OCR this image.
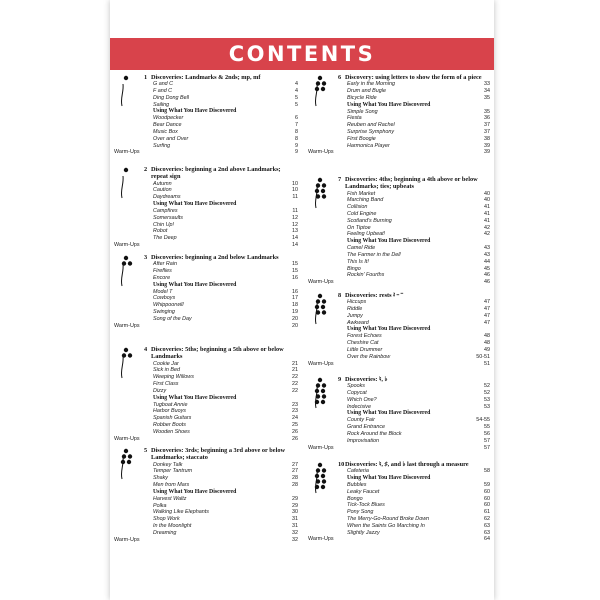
CONTENTS
1 Discoveries: Landmarks & 2nds; mp, mf
G and C	4
F and C	4
Ding Dong Bell	5
Sailing	5
Using What You Have Discovered
Woodpecker	6
Bear Dance	7
Music Box	8
Over and Over	8
Surfing	9
Warm-Ups	9
2 Discoveries: beginning a 2nd above Landmarks; repeat sign
Autumn	10
Caution	10
Daydreams	11
Using What You Have Discovered
Campfires	11
Somersaults	12
Chin Up!	12
Robot	13
The Deep	14
Warm-Ups	14
3 Discoveries: beginning a 2nd below Landmarks
After Rain	15
Fireflies	15
Encore	16
Using What You Have Discovered
Model T	16
Cowboys	17
Whippoorwill	18
Swinging	19
Song of the Day	20
Warm-Ups	20
4 Discoveries: 5ths; beginning a 5th above or below Landmarks
Cookie Jar	21
Sick in Bed	21
Weeping Willows	22
First Class	22
Dizzy	22
Using What You Have Discovered
Tugboat Annie	23
Harbor Buoys	23
Spanish Guitars	24
Robber Boots	25
Wooden Shoes	26
Warm-Ups	26
5 Discoveries: 3rds; beginning a 3rd above or below Landmarks; staccato
Donkey Talk	27
Temper Tantrum	27
Shaky	28
Men from Mars	28
Using What You Have Discovered
Harvest Waltz	29
Polka	29
Walking Like Elephants	30
Shop Work	31
In the Moonlight	31
Dreaming	32
Warm-Ups	32
6 Discovery: using letters to show the form of a piece
Early in the Morning	33
Drum and Bugle	34
Bicycle Ride	35
Using What You Have Discovered
Simple Song	35
Fiesta	36
Reuben and Rachel	37
Surprise Symphony	37
First Boogie	38
Harmonica Player	39
Warm-Ups	39
7 Discoveries: 4ths; beginning a 4th above or below Landmarks; ties; upbeats
Fish Market	40
Marching Band	40
Collision	41
Cold Engine	41
Scotland's Burning	41
On Tiptoe	42
Feeling Upbeat!	42
Using What You Have Discovered
Camel Ride	43
The Farmer in the Dell	43
This Is It!	44
Bingo	45
Rockin' Fourths	46
Warm-Ups	46
8 Discoveries: rests 𝄽 𝄼 𝄻
Hiccups	47
Riddle	47
Jumpy	47
Awkward	47
Using What You Have Discovered
Forest Echoes	48
Cheshire Cat	48
Little Drummer	49
Over the Rainbow	50-51
Warm-Ups	51
9 Discoveries: ♮, ♭
Spooks	52
Copycat	52
Which One?	53
Indecisive	53
Using What You Have Discovered
County Fair	54-55
Grand Entrance	55
Rock Around the Block	56
Improvisation	57
Warm-Ups	57
10 Discoveries: ♮, ♯, and ♭ last through a measure
Cafeteria	58
Using What You Have Discovered
Bubbles	59
Leaky Faucet	60
Bongo	60
Tick-Tock Blues	60
Pony Song	61
The Merry-Go-Round Broke Down	62
When the Saints Go Marching In	63
Slightly Jazzy	63
Warm-Ups	64
